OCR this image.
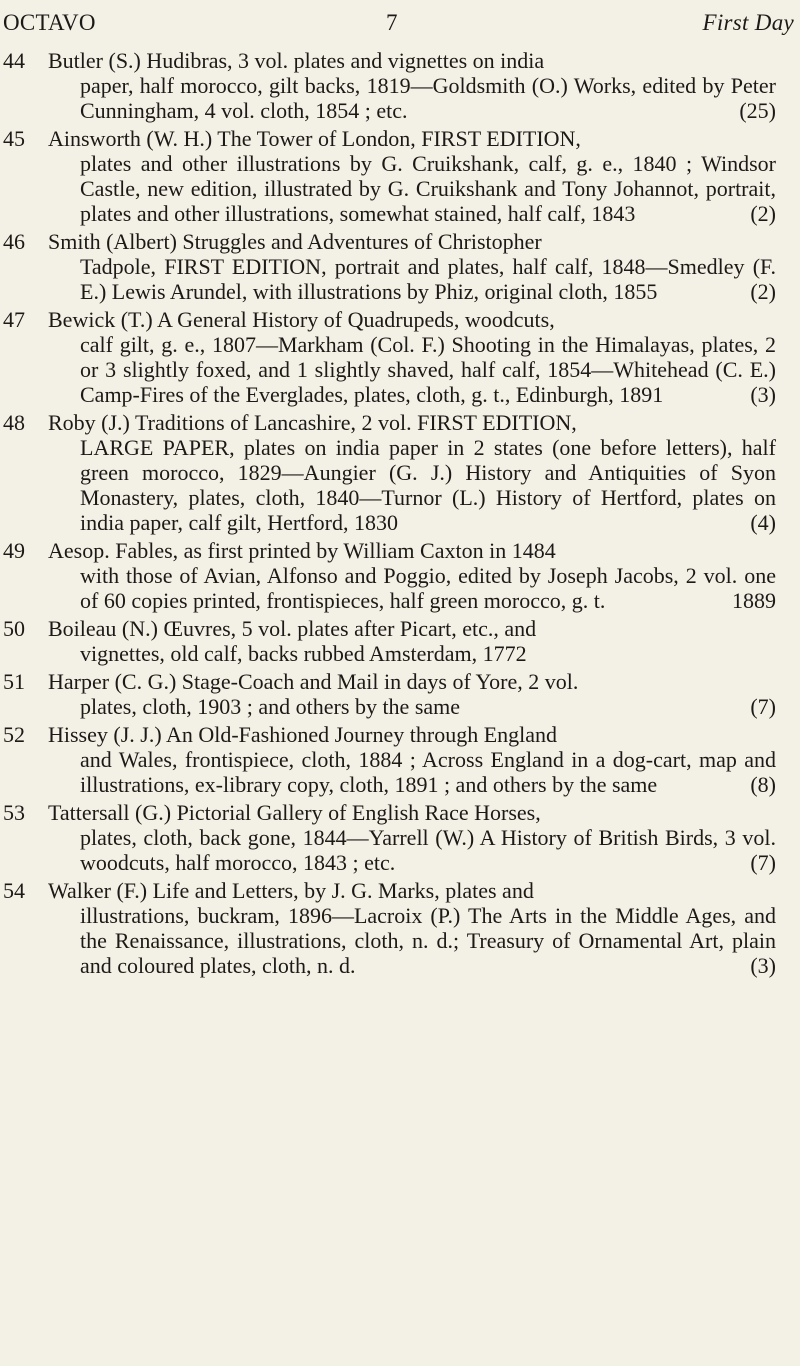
OCTAVO	7	First Day
44 Butler (S.) Hudibras, 3 vol. plates and vignettes on india
paper, half morocco, gilt backs, 1819—Goldsmith (O.) Works, edited by Peter Cunningham, 4 vol. cloth, 1854 ; etc.	(25)
45 Ainsworth (W. H.) The Tower of London, FIRST EDITION,
plates and other illustrations by G. Cruikshank, calf, g. e., 1840 ; Windsor Castle, new edition, illustrated by G. Cruikshank and Tony Johannot, portrait, plates and other illustrations, somewhat stained, half calf, 1843	(2)
46 Smith (Albert) Struggles and Adventures of Christopher
Tadpole, FIRST EDITION, portrait and plates, half calf, 1848—Smedley (F. E.) Lewis Arundel, with illustrations by Phiz, original cloth, 1855	(2)
47 Bewick (T.) A General History of Quadrupeds, woodcuts,
calf gilt, g. e., 1807—Markham (Col. F.) Shooting in the Himalayas, plates, 2 or 3 slightly foxed, and 1 slightly shaved, half calf, 1854—Whitehead (C. E.) Camp-Fires of the Everglades, plates, cloth, g. t., Edinburgh, 1891	(3)
48 Roby (J.) Traditions of Lancashire, 2 vol. FIRST EDITION,
LARGE PAPER, plates on india paper in 2 states (one before letters), half green morocco, 1829—Aungier (G. J.) History and Antiquities of Syon Monastery, plates, cloth, 1840—Turnor (L.) History of Hertford, plates on india paper, calf gilt, Hertford, 1830	(4)
49 Aesop. Fables, as first printed by William Caxton in 1484
with those of Avian, Alfonso and Poggio, edited by Joseph Jacobs, 2 vol. one of 60 copies printed, frontispieces, half green morocco, g. t.	1889
50 Boileau (N.) Œuvres, 5 vol. plates after Picart, etc., and
vignettes, old calf, backs rubbed Amsterdam, 1772
51 Harper (C. G.) Stage-Coach and Mail in days of Yore, 2 vol.
plates, cloth, 1903 ; and others by the same	(7)
52 Hissey (J. J.) An Old-Fashioned Journey through England
and Wales, frontispiece, cloth, 1884 ; Across England in a dog-cart, map and illustrations, ex-library copy, cloth, 1891 ; and others by the same	(8)
53 Tattersall (G.) Pictorial Gallery of English Race Horses,
plates, cloth, back gone, 1844—Yarrell (W.) A History of British Birds, 3 vol. woodcuts, half morocco, 1843 ; etc.	(7)
54 Walker (F.) Life and Letters, by J. G. Marks, plates and
illustrations, buckram, 1896—Lacroix (P.) The Arts in the Middle Ages, and the Renaissance, illustrations, cloth, n. d.; Treasury of Ornamental Art, plain and coloured plates, cloth, n. d.	(3)
